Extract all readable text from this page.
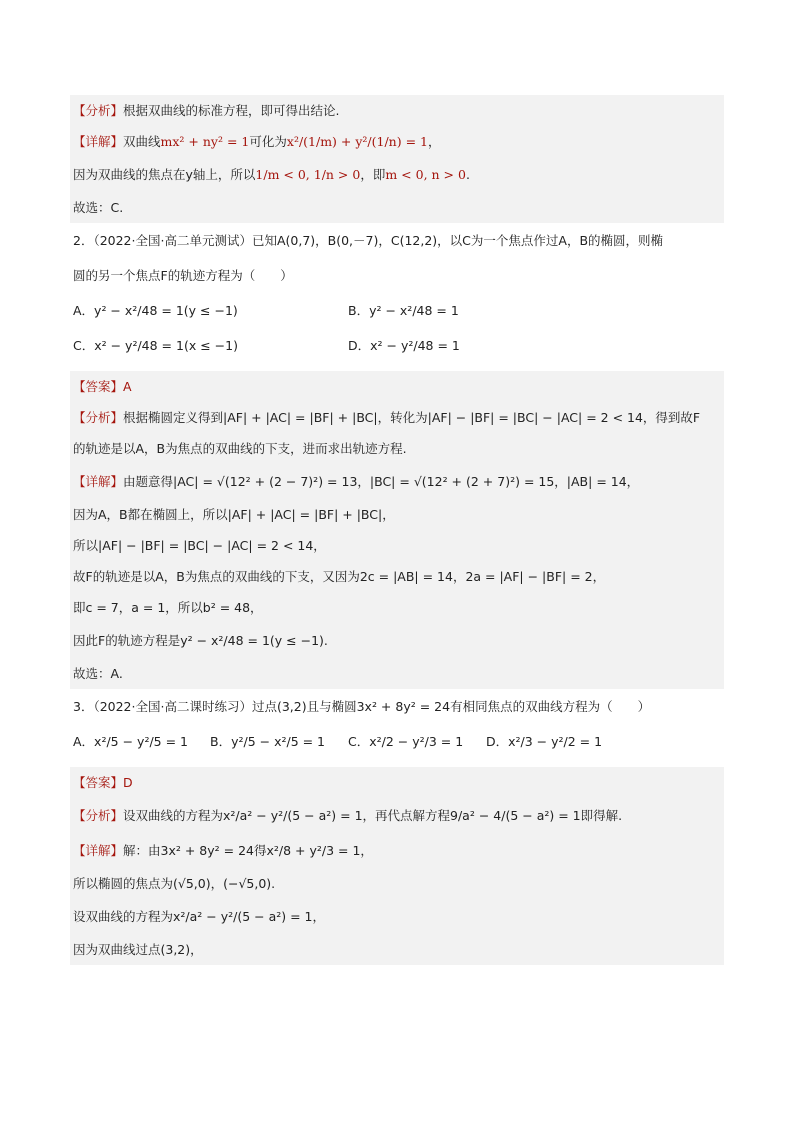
【分析】根据双曲线的标准方程，即可得出结论.
【详解】双曲线mx² + ny² = 1可化为x²/(1/m) + y²/(1/n) = 1，
因为双曲线的焦点在y轴上，所以1/m < 0, 1/n > 0，即m < 0, n > 0.
故选：C.
2．（2022·全国·高二单元测试）已知A(0,7)，B(0,－7)，C(12,2)，以C为一个焦点作过A，B的椭圆，则椭
圆的另一个焦点F的轨迹方程为（　　）
A．y² − x²/48 = 1(y ≤ −1)	B．y² − x²/48 = 1
C．x² − y²/48 = 1(x ≤ −1)	D．x² − y²/48 = 1
【答案】A
【分析】根据椭圆定义得到|AF| + |AC| = |BF| + |BC|，转化为|AF| − |BF| = |BC| − |AC| = 2 < 14，得到故F
的轨迹是以A，B为焦点的双曲线的下支，进而求出轨迹方程.
【详解】由题意得|AC| = √(12² + (2 − 7)²) = 13，|BC| = √(12² + (2 + 7)²) = 15，|AB| = 14，
因为A，B都在椭圆上，所以|AF| + |AC| = |BF| + |BC|，
所以|AF| − |BF| = |BC| − |AC| = 2 < 14，
故F的轨迹是以A，B为焦点的双曲线的下支，又因为2c = |AB| = 14，2a = |AF| − |BF| = 2，
即c = 7，a = 1，所以b² = 48，
因此F的轨迹方程是y² − x²/48 = 1(y ≤ −1).
故选：A.
3．（2022·全国·高二课时练习）过点(3,2)且与椭圆3x² + 8y² = 24有相同焦点的双曲线方程为（　　）
A．x²/5 − y²/5 = 1 B．y²/5 − x²/5 = 1 C．x²/2 − y²/3 = 1 D．x²/3 − y²/2 = 1
【答案】D
【分析】设双曲线的方程为x²/a² − y²/(5 − a²) = 1，再代点解方程9/a² − 4/(5 − a²) = 1即得解.
【详解】解：由3x² + 8y² = 24得x²/8 + y²/3 = 1，
所以椭圆的焦点为(√5,0)，(−√5,0).
设双曲线的方程为x²/a² − y²/(5 − a²) = 1，
因为双曲线过点(3,2)，
